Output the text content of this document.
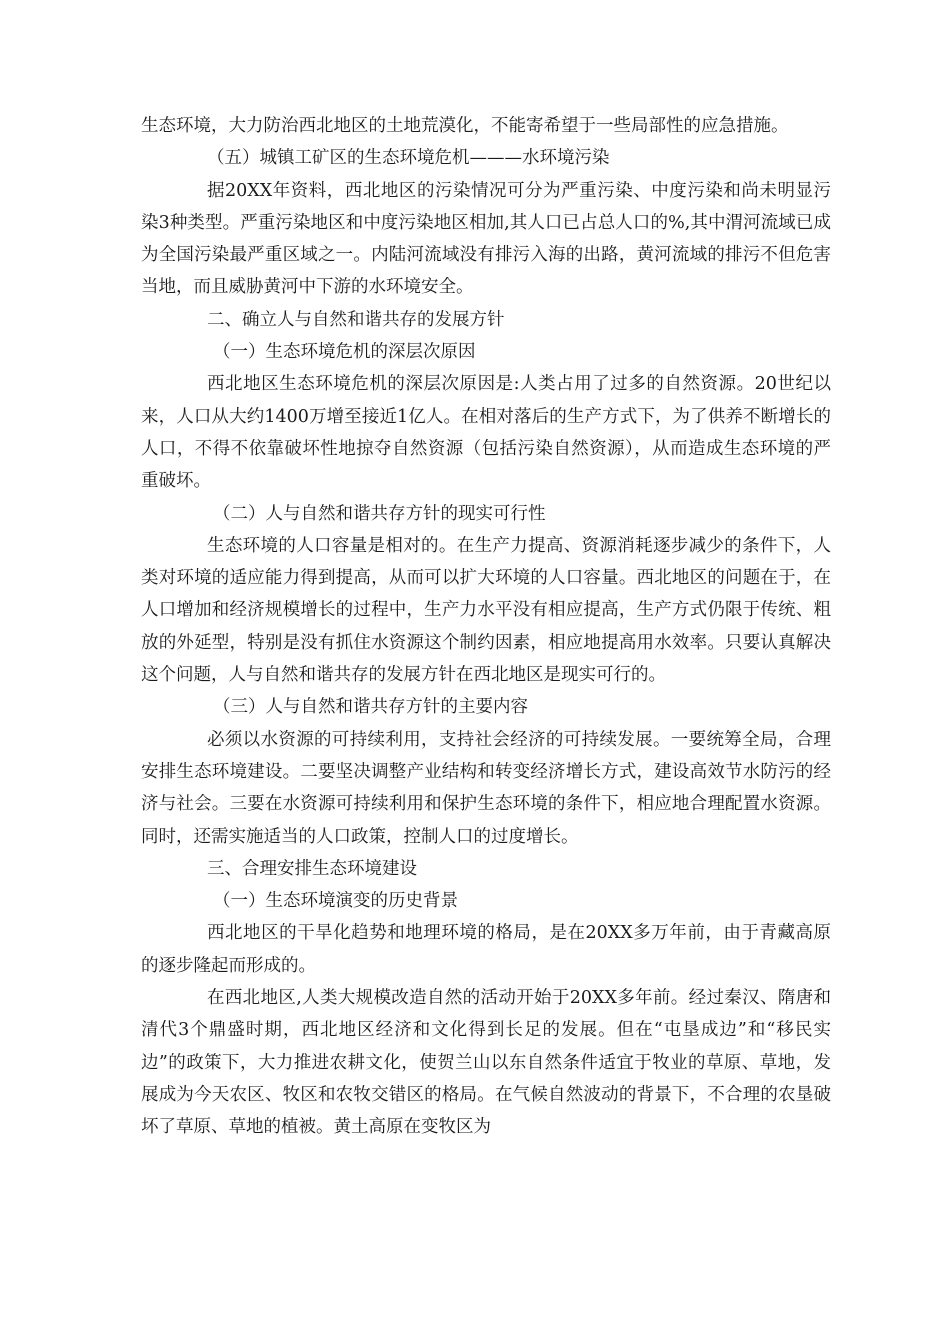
生态环境，大力防治西北地区的土地荒漠化，不能寄希望于一些局部性的应急措施。

（五）城镇工矿区的生态环境危机———水环境污染

据20XX年资料，西北地区的污染情况可分为严重污染、中度污染和尚未明显污染3种类型。严重污染地区和中度污染地区相加,其人口已占总人口的%,其中渭河流域已成为全国污染最严重区域之一。内陆河流域没有排污入海的出路，黄河流域的排污不但危害当地，而且威胁黄河中下游的水环境安全。

二、确立人与自然和谐共存的发展方针

（一）生态环境危机的深层次原因

西北地区生态环境危机的深层次原因是:人类占用了过多的自然资源。20世纪以来，人口从大约1400万增至接近1亿人。在相对落后的生产方式下，为了供养不断增长的人口，不得不依靠破坏性地掠夺自然资源（包括污染自然资源），从而造成生态环境的严重破坏。

（二）人与自然和谐共存方针的现实可行性

生态环境的人口容量是相对的。在生产力提高、资源消耗逐步减少的条件下，人类对环境的适应能力得到提高，从而可以扩大环境的人口容量。西北地区的问题在于，在人口增加和经济规模增长的过程中，生产力水平没有相应提高，生产方式仍限于传统、粗放的外延型，特别是没有抓住水资源这个制约因素，相应地提高用水效率。只要认真解决这个问题，人与自然和谐共存的发展方针在西北地区是现实可行的。

（三）人与自然和谐共存方针的主要内容

必须以水资源的可持续利用，支持社会经济的可持续发展。一要统筹全局，合理安排生态环境建设。二要坚决调整产业结构和转变经济增长方式，建设高效节水防污的经济与社会。三要在水资源可持续利用和保护生态环境的条件下，相应地合理配置水资源。同时，还需实施适当的人口政策，控制人口的过度增长。

三、合理安排生态环境建设

（一）生态环境演变的历史背景

西北地区的干旱化趋势和地理环境的格局，是在20XX多万年前，由于青藏高原的逐步隆起而形成的。

在西北地区,人类大规模改造自然的活动开始于20XX多年前。经过秦汉、隋唐和清代3个鼎盛时期，西北地区经济和文化得到长足的发展。但在“屯垦成边”和“移民实边”的政策下，大力推进农耕文化，使贺兰山以东自然条件适宜于牧业的草原、草地，发展成为今天农区、牧区和农牧交错区的格局。在气候自然波动的背景下，不合理的农垦破坏了草原、草地的植被。黄土高原在变牧区为
